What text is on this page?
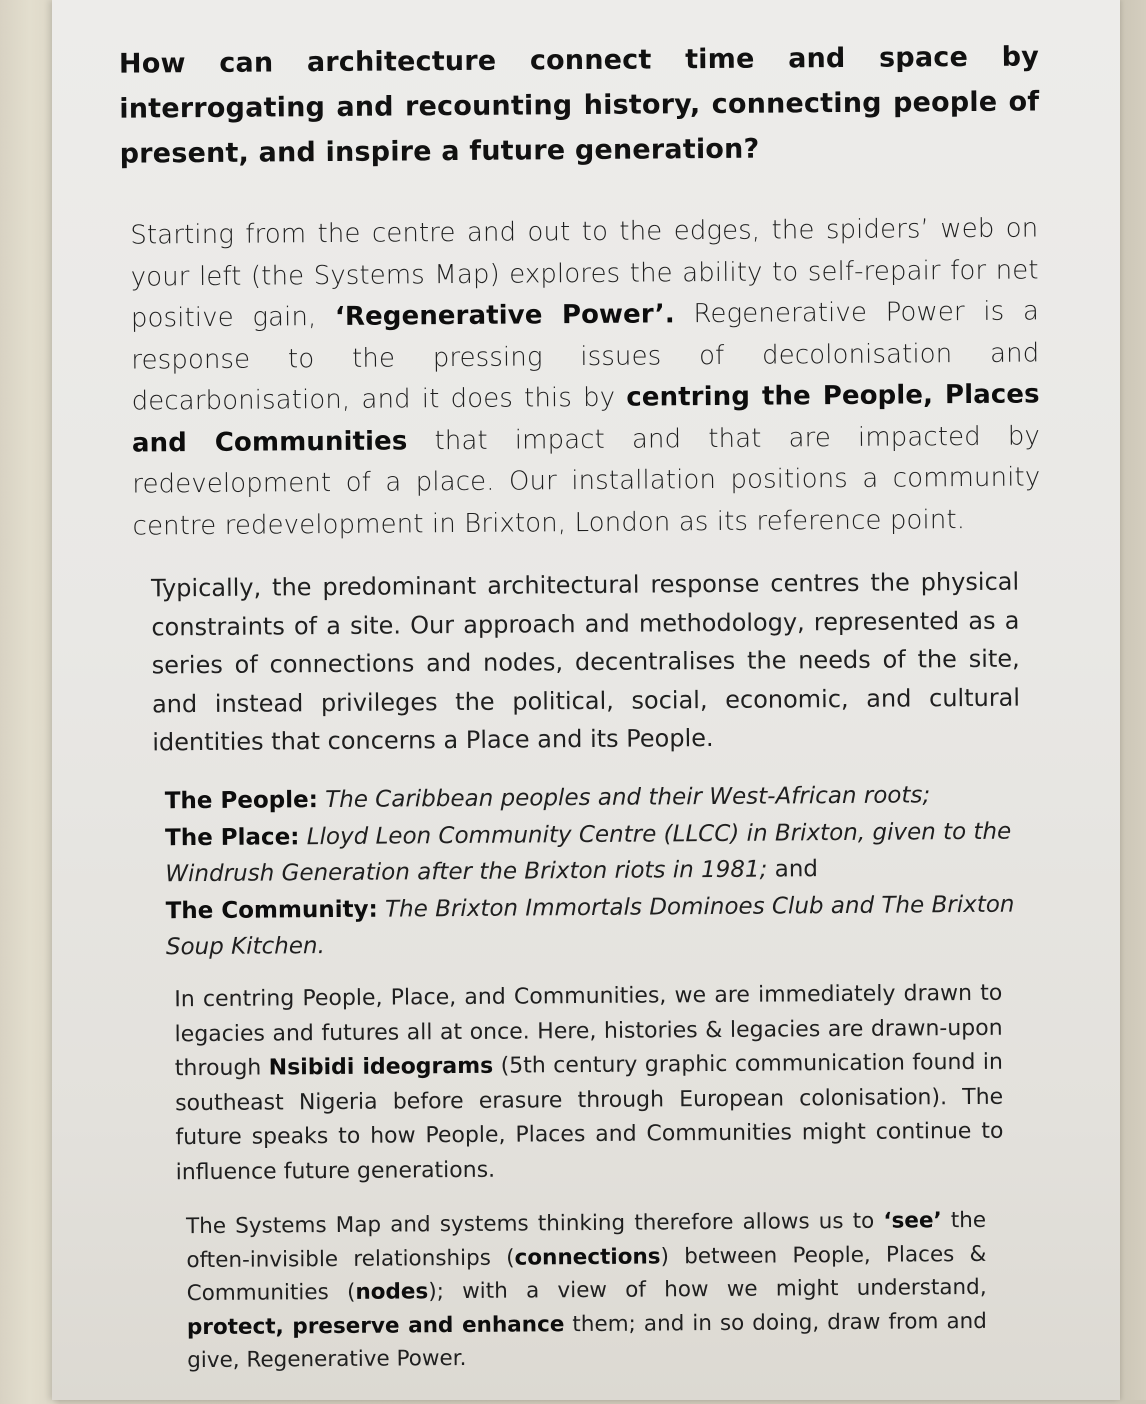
How can architecture connect time and space by interrogating and recounting history, connecting people of present, and inspire a future generation?

Starting from the centre and out to the edges, the spiders’ web on your left (the Systems Map) explores the ability to self-repair for net positive gain, ‘Regenerative Power’. Regenerative Power is a response to the pressing issues of decolonisation and decarbonisation, and it does this by centring the People, Places and Communities that impact and that are impacted by redevelopment of a place. Our installation positions a community centre redevelopment in Brixton, London as its reference point.

Typically, the predominant architectural response centres the physical constraints of a site. Our approach and methodology, represented as a series of connections and nodes, decentralises the needs of the site, and instead privileges the political, social, economic, and cultural identities that concerns a Place and its People.

The People: The Caribbean peoples and their West-African roots;
The Place: Lloyd Leon Community Centre (LLCC) in Brixton, given to the Windrush Generation after the Brixton riots in 1981; and
The Community: The Brixton Immortals Dominoes Club and The Brixton Soup Kitchen.

In centring People, Place, and Communities, we are immediately drawn to legacies and futures all at once. Here, histories & legacies are drawn-upon through Nsibidi ideograms (5th century graphic communication found in southeast Nigeria before erasure through European colonisation). The future speaks to how People, Places and Communities might continue to influence future generations.

The Systems Map and systems thinking therefore allows us to ‘see’ the often-invisible relationships (connections) between People, Places & Communities (nodes); with a view of how we might understand, protect, preserve and enhance them; and in so doing, draw from and give, Regenerative Power.
